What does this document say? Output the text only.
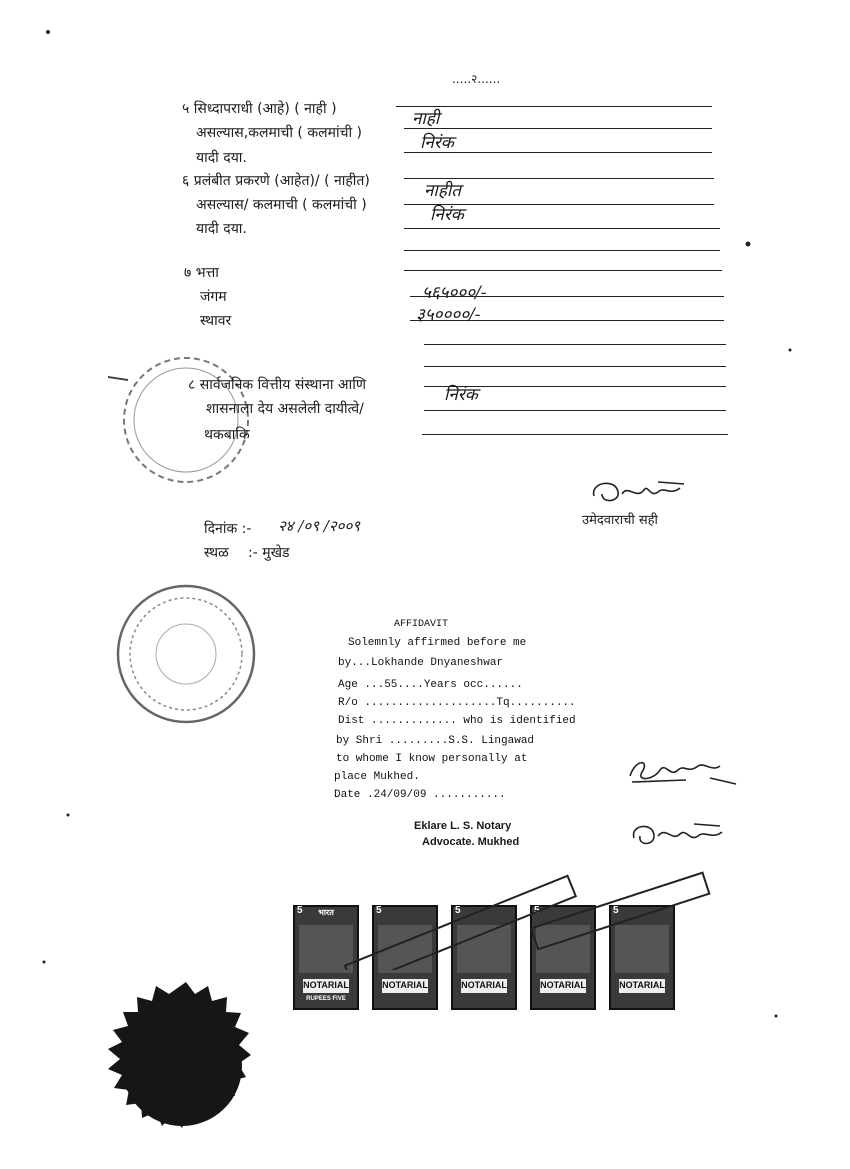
.....२......
५ सिध्दापराधी (आहे) ( नाही )
असल्यास,कलमाची ( कलमांची )
यादी दया.
नाही
निरंक
६ प्रलंबीत प्रकरणे (आहेत)/ ( नाहीत)
असल्यास/ कलमाची ( कलमांची )
यादी दया.
नाहीत
निरंक
७ भत्ता
जंगम
स्थावर
५६५०००/-
३५००००/-
८ सार्वजनिक वित्तीय संस्थाना आणि
शासनाला देय असलेली दायीत्वे/
थकबाकि
निरंक
उमेदवाराची सही
दिनांक :- २४ /०९ /२००९
स्थळ :- मुखेड
AFFIDAVIT
Solemnly affirmed before me
by...Lokhande Dnyaneshwar
Age ...55....Years occ......
R/o ....................Tq..........
Dist ............. who is identified
by Shri .........S.S. Lingawad
to whome I know personally at
place Mukhed.
Date .24/09/09 ...........
Eklare L. S. Notary
Advocate. Mukhed
भारत
5
NOTARIAL
RUPEES FIVE
5
NOTARIAL
5
NOTARIAL
5
NOTARIAL
5
NOTARIAL
